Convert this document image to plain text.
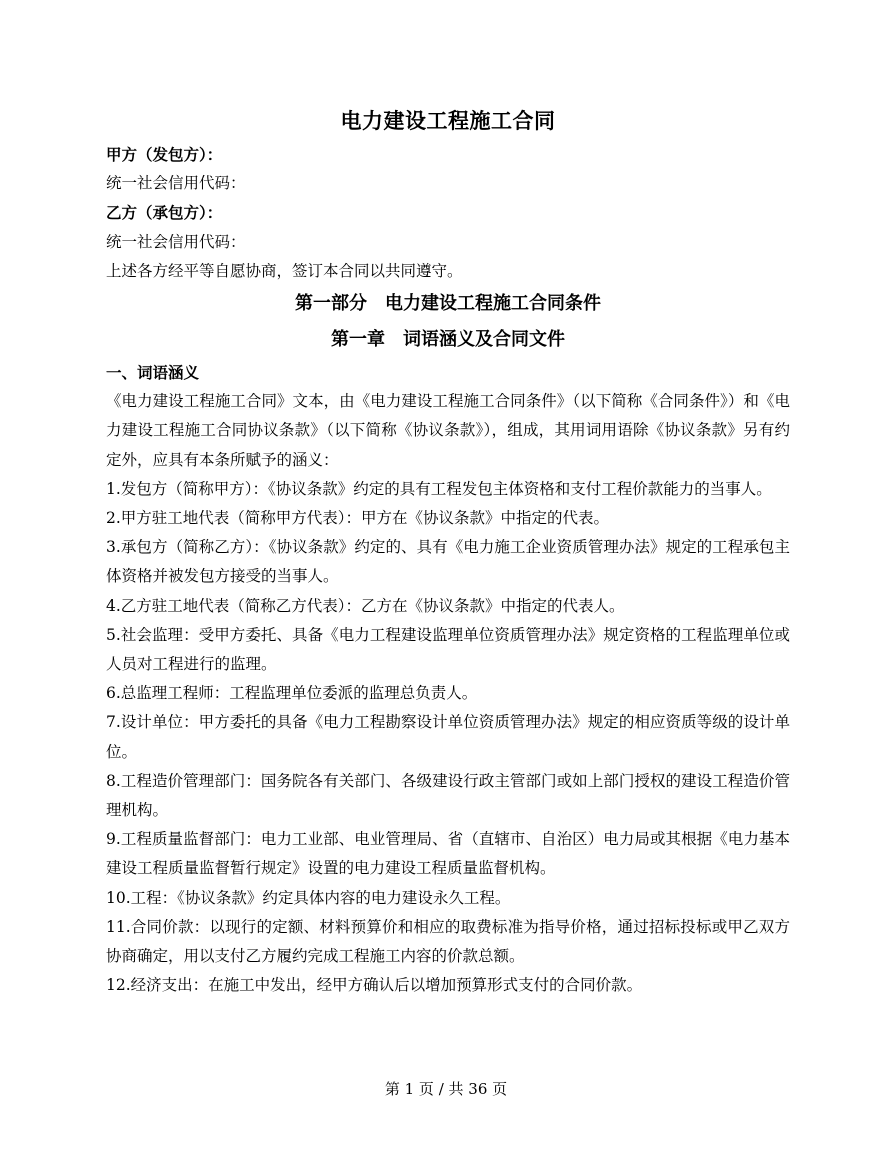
电力建设工程施工合同

甲方（发包方）：

统一社会信用代码：

乙方（承包方）：

统一社会信用代码：

上述各方经平等自愿协商，签订本合同以共同遵守。

第一部分　电力建设工程施工合同条件

第一章　词语涵义及合同文件

一、词语涵义

《电力建设工程施工合同》文本，由《电力建设工程施工合同条件》（以下简称《合同条件》）和《电力建设工程施工合同协议条款》（以下简称《协议条款》），组成，其用词用语除《协议条款》另有约定外，应具有本条所赋予的涵义：

1.发包方（简称甲方）：《协议条款》约定的具有工程发包主体资格和支付工程价款能力的当事人。

2.甲方驻工地代表（简称甲方代表）：甲方在《协议条款》中指定的代表。

3.承包方（简称乙方）：《协议条款》约定的、具有《电力施工企业资质管理办法》规定的工程承包主体资格并被发包方接受的当事人。

4.乙方驻工地代表（简称乙方代表）：乙方在《协议条款》中指定的代表人。

5.社会监理：受甲方委托、具备《电力工程建设监理单位资质管理办法》规定资格的工程监理单位或人员对工程进行的监理。

6.总监理工程师：工程监理单位委派的监理总负责人。

7.设计单位：甲方委托的具备《电力工程勘察设计单位资质管理办法》规定的相应资质等级的设计单位。

8.工程造价管理部门：国务院各有关部门、各级建设行政主管部门或如上部门授权的建设工程造价管理机构。

9.工程质量监督部门：电力工业部、电业管理局、省（直辖市、自治区）电力局或其根据《电力基本建设工程质量监督暂行规定》设置的电力建设工程质量监督机构。

10.工程：《协议条款》约定具体内容的电力建设永久工程。

11.合同价款：以现行的定额、材料预算价和相应的取费标准为指导价格，通过招标投标或甲乙双方协商确定，用以支付乙方履约完成工程施工内容的价款总额。

12.经济支出：在施工中发出，经甲方确认后以增加预算形式支付的合同价款。

第 1 页 / 共 36 页
